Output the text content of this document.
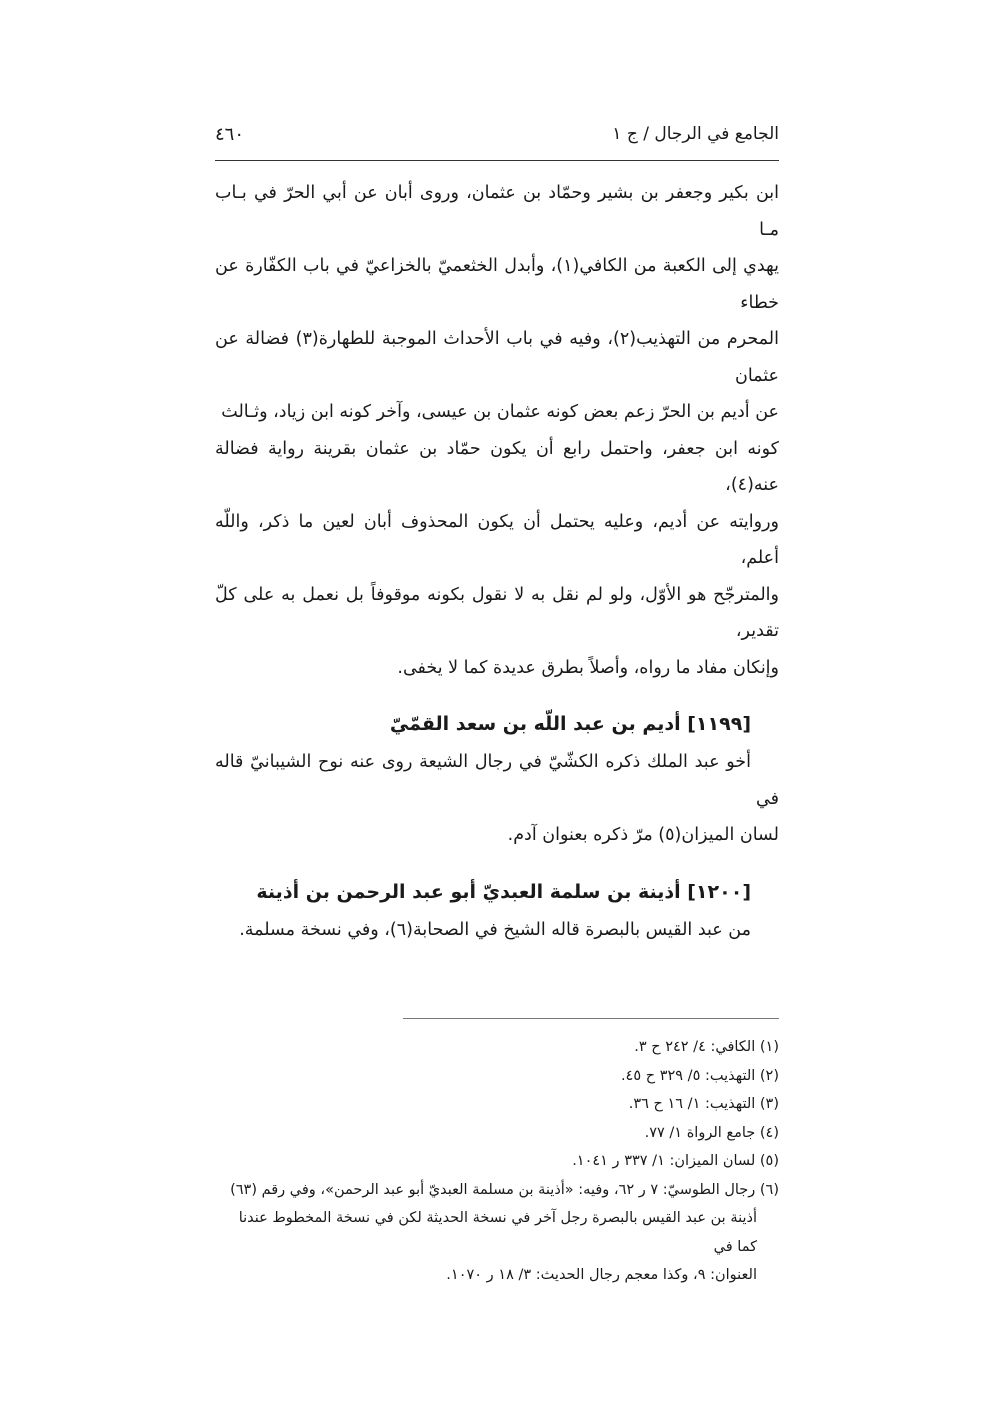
الجامع في الرجال / ج ١
٤٦٠

ابن بكير وجعفر بن بشير وحمّاد بن عثمان، وروى أبان عن أبي الحرّ في بـاب مـا

يهدي إلى الكعبة من الكافي(١)، وأبدل الخثعميّ بالخزاعيّ في باب الكفّارة عن خطاء

المحرم من التهذيب(٢)، وفيه في باب الأحداث الموجبة للطهارة(٣) فضالة عن عثمان

عن أديم بن الحرّ زعم بعض كونه عثمان بن عيسى، وآخر كونه ابن زياد، وثـالث

كونه ابن جعفر، واحتمل رابع أن يكون حمّاد بن عثمان بقرينة رواية فضالة عنه(٤)،

وروايته عن أديم، وعليه يحتمل أن يكون المحذوف أبان لعين ما ذكر، واللّه أعلم،

والمترجّح هو الأوّل، ولو لم نقل به لا نقول بكونه موقوفاً بل نعمل به على كلّ تقدير،

وإنكان مفاد ما رواه، وأصلاً بطرق عديدة كما لا يخفى.

[١١٩٩] أديم بن عبد اللّه بن سعد القمّيّ

أخو عبد الملك ذكره الكشّيّ في رجال الشيعة روى عنه نوح الشيبانيّ قاله في

لسان الميزان(٥) مرّ ذكره بعنوان آدم.

[١٢٠٠] أذينة بن سلمة العبديّ أبو عبد الرحمن بن أذينة

من عبد القيس بالبصرة قاله الشيخ في الصحابة(٦)، وفي نسخة مسلمة.

(١) الكافي: ٤/ ٢٤٢ ح ٣.
(٢) التهذيب: ٥/ ٣٢٩ ح ٤٥.
(٣) التهذيب: ١/ ١٦ ح ٣٦.
(٤) جامع الرواة ١/ ٧٧.
(٥) لسان الميزان: ١/ ٣٣٧ ر ١٠٤١.
(٦) رجال الطوسيّ: ٧ ر ٦٢، وفيه: «أذينة بن مسلمة العبديّ أبو عبد الرحمن»، وفي رقم (٦٣)
أذينة بن عبد القيس بالبصرة رجل آخر في نسخة الحديثة لكن في نسخة المخطوط عندنا كما في
العنوان: ٩، وكذا معجم رجال الحديث: ٣/ ١٨ ر ١٠٧٠.
